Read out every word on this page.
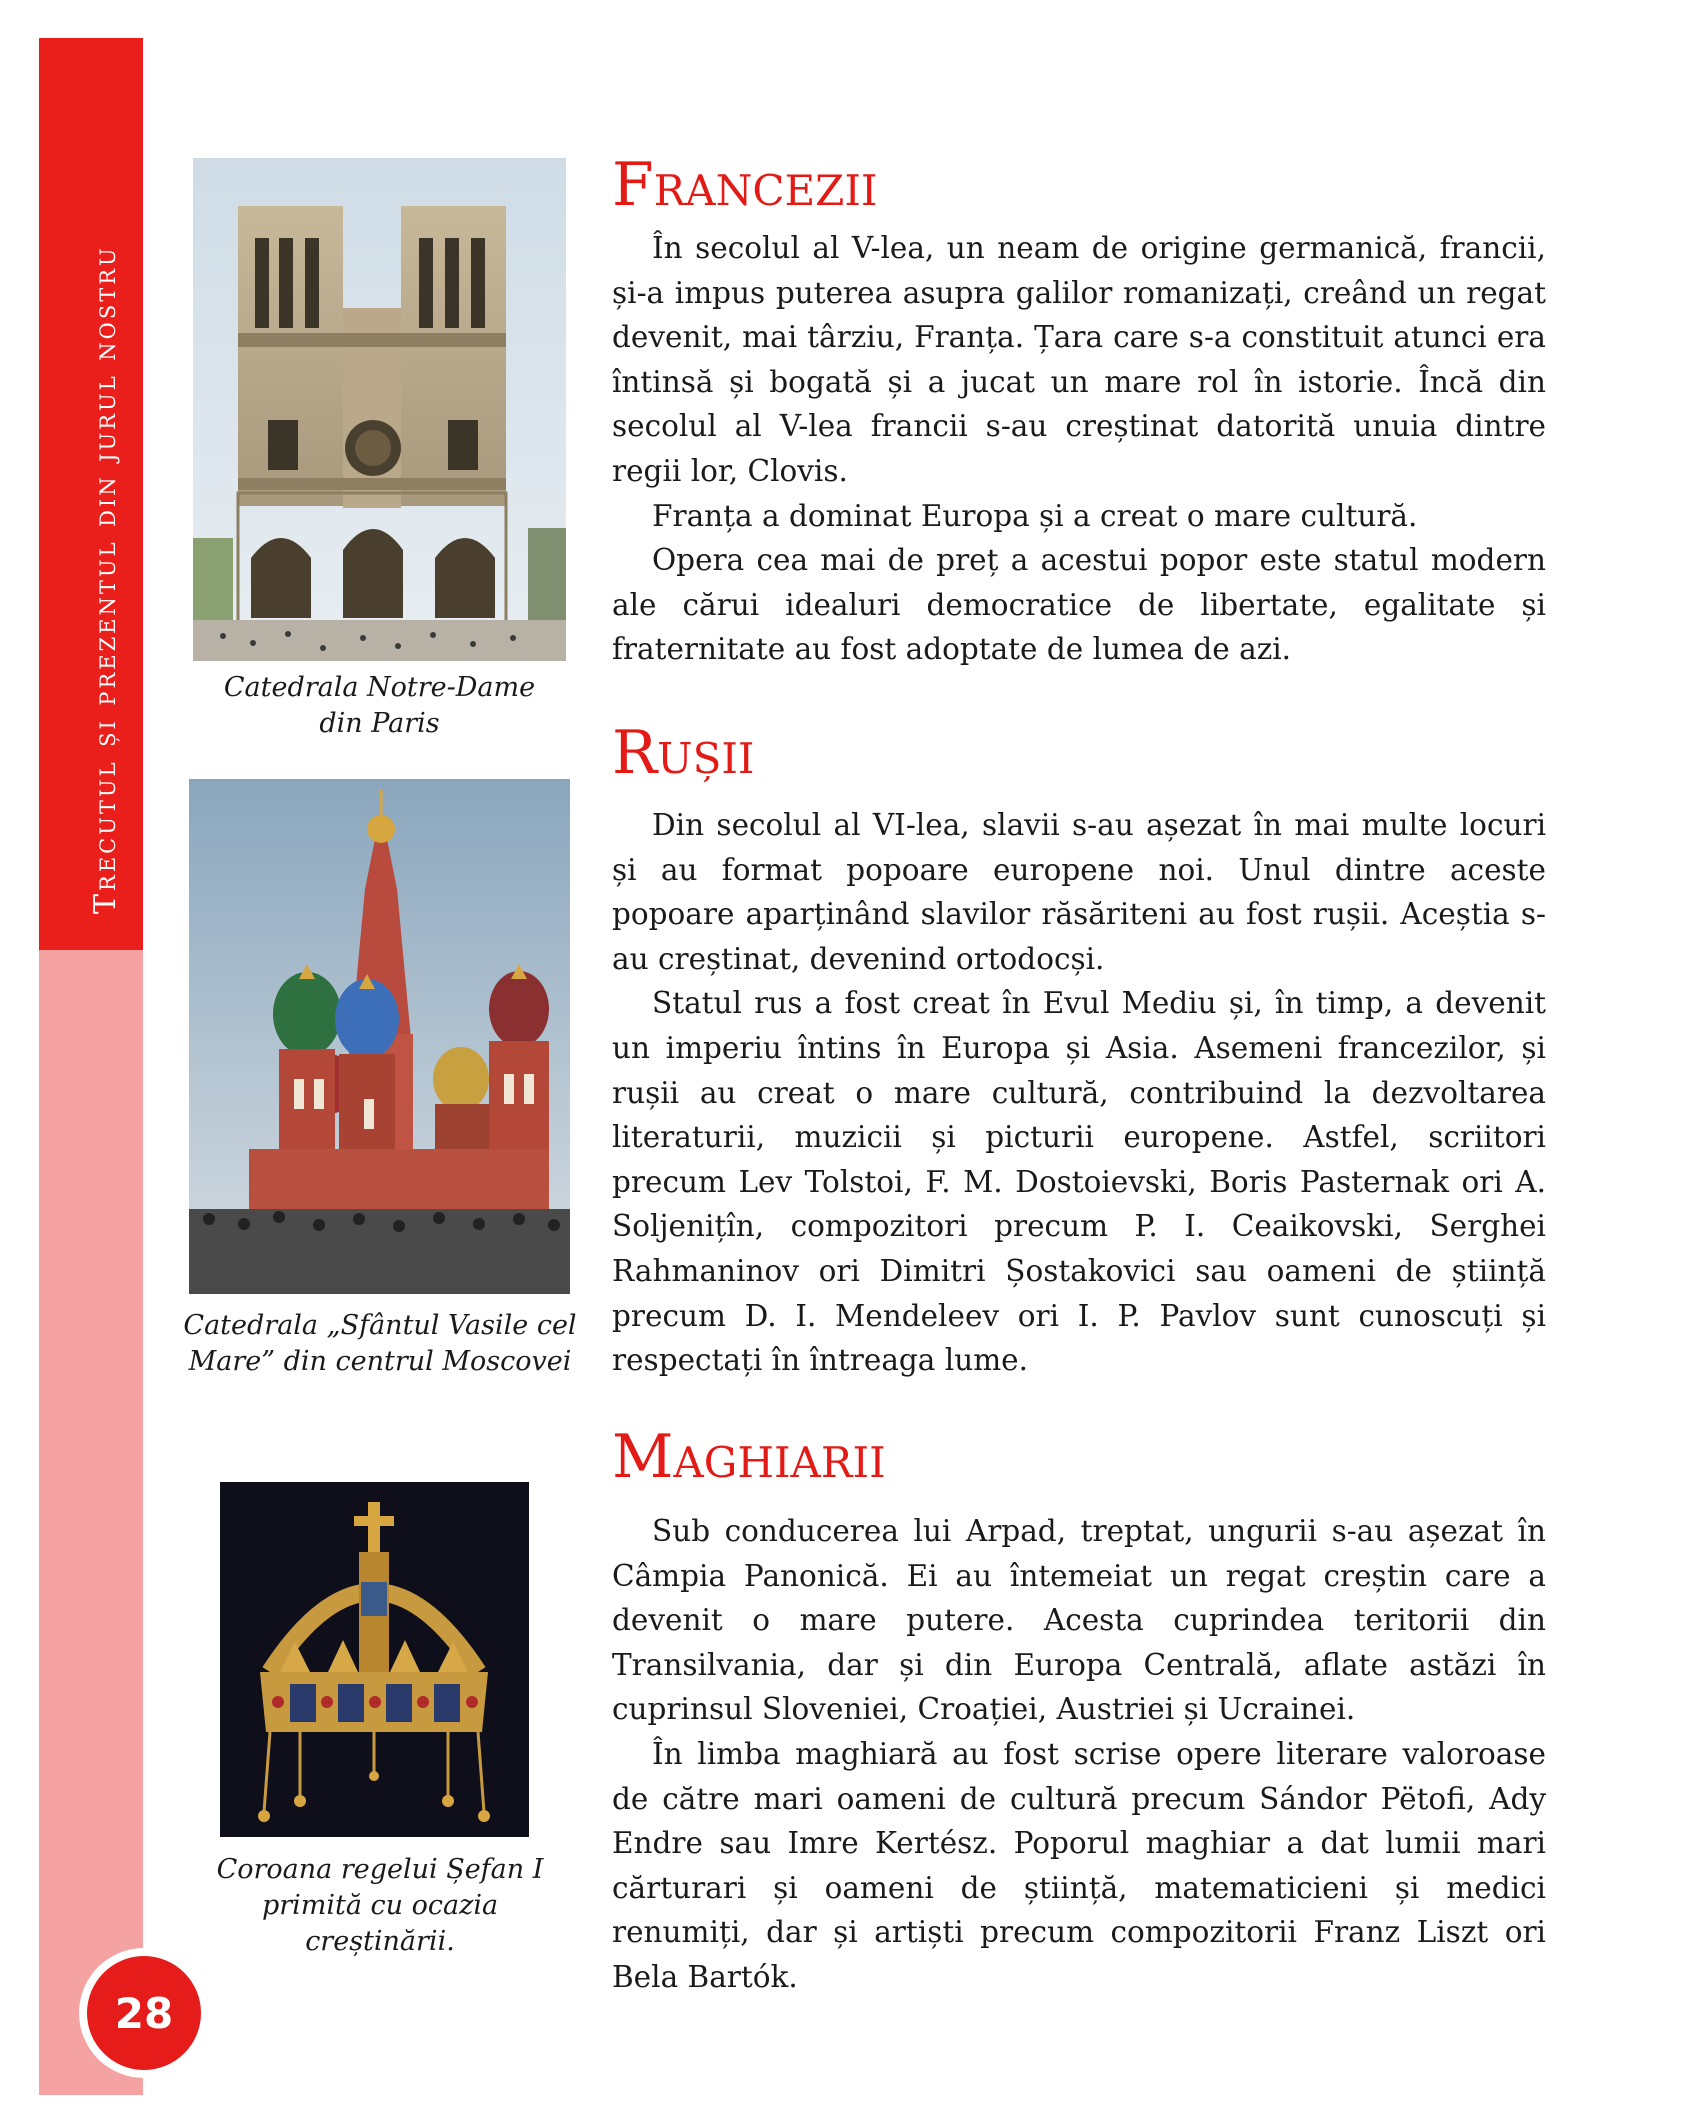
Trecutul și prezentul din jurul nostru
28
Catedrala Notre-Dame
din Paris
Catedrala „Sfântul Vasile cel
Mare” din centrul Moscovei
Coroana regelui Șefan I
primită cu ocazia
creștinării.
Francezii

În secolul al V-lea, un neam de origine germanică, francii, și-a impus puterea asupra galilor romanizați, creând un regat devenit, mai târziu, Franța. Țara care s-a constituit atunci era întinsă și bogată și a jucat un mare rol în istorie. Încă din secolul al V-lea francii s-au creștinat datorită unuia dintre regii lor, Clovis.

Franța a dominat Europa și a creat o mare cultură.

Opera cea mai de preț a acestui popor este statul modern ale cărui idealuri democratice de libertate, egalitate și fraternitate au fost adoptate de lumea de azi.

Rușii

Din secolul al VI-lea, slavii s-au așezat în mai multe locuri și au format popoare europene noi. Unul dintre aceste popoare aparținând slavilor răsăriteni au fost rușii. Aceștia s-au creștinat, devenind ortodocși.

Statul rus a fost creat în Evul Mediu și, în timp, a devenit un imperiu întins în Europa și Asia. Asemeni francezilor, și rușii au creat o mare cultură, contribuind la dezvoltarea literaturii, muzicii și picturii europene. Astfel, scriitori precum Lev Tolstoi, F. M. Dostoievski, Boris Pasternak ori A. Soljenițîn, compozitori precum P. I. Ceaikovski, Serghei Rahmaninov ori Dimitri Șostakovici sau oameni de știință precum D. I. Mendeleev ori I. P. Pavlov sunt cunoscuți și respectați în întreaga lume.

Maghiarii

Sub conducerea lui Arpad, treptat, ungurii s-au așezat în Câmpia Panonică. Ei au întemeiat un regat creștin care a devenit o mare putere. Acesta cuprindea teritorii din Transilvania, dar și din Europa Centrală, aflate astăzi în cuprinsul Sloveniei, Croației, Austriei și Ucrainei.

În limba maghiară au fost scrise opere literare valoroase de către mari oameni de cultură precum Sándor Pëtofi, Ady Endre sau Imre Kertész. Poporul maghiar a dat lumii mari cărturari și oameni de știință, matematicieni și medici renumiți, dar și artiști precum compozitorii Franz Liszt ori Bela Bartók.
